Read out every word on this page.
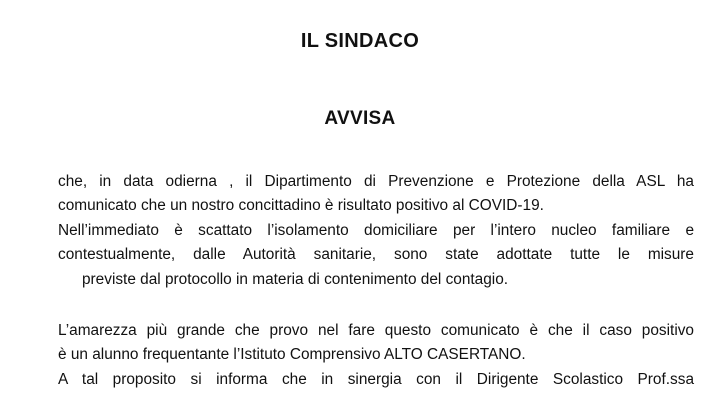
IL SINDACO
AVVISA
che, in data odierna , il Dipartimento di Prevenzione e Protezione della ASL ha
comunicato che un nostro concittadino è risultato positivo al COVID-19.
Nell’immediato è scattato l’isolamento domiciliare per l’intero nucleo familiare e
contestualmente, dalle Autorità sanitarie, sono state adottate tutte le misure
previste dal protocollo in materia di contenimento del contagio.
L’amarezza più grande che provo nel fare questo comunicato è che il caso positivo
è un alunno frequentante l’Istituto Comprensivo ALTO CASERTANO.
A tal proposito si informa che in sinergia con il Dirigente Scolastico Prof.ssa
